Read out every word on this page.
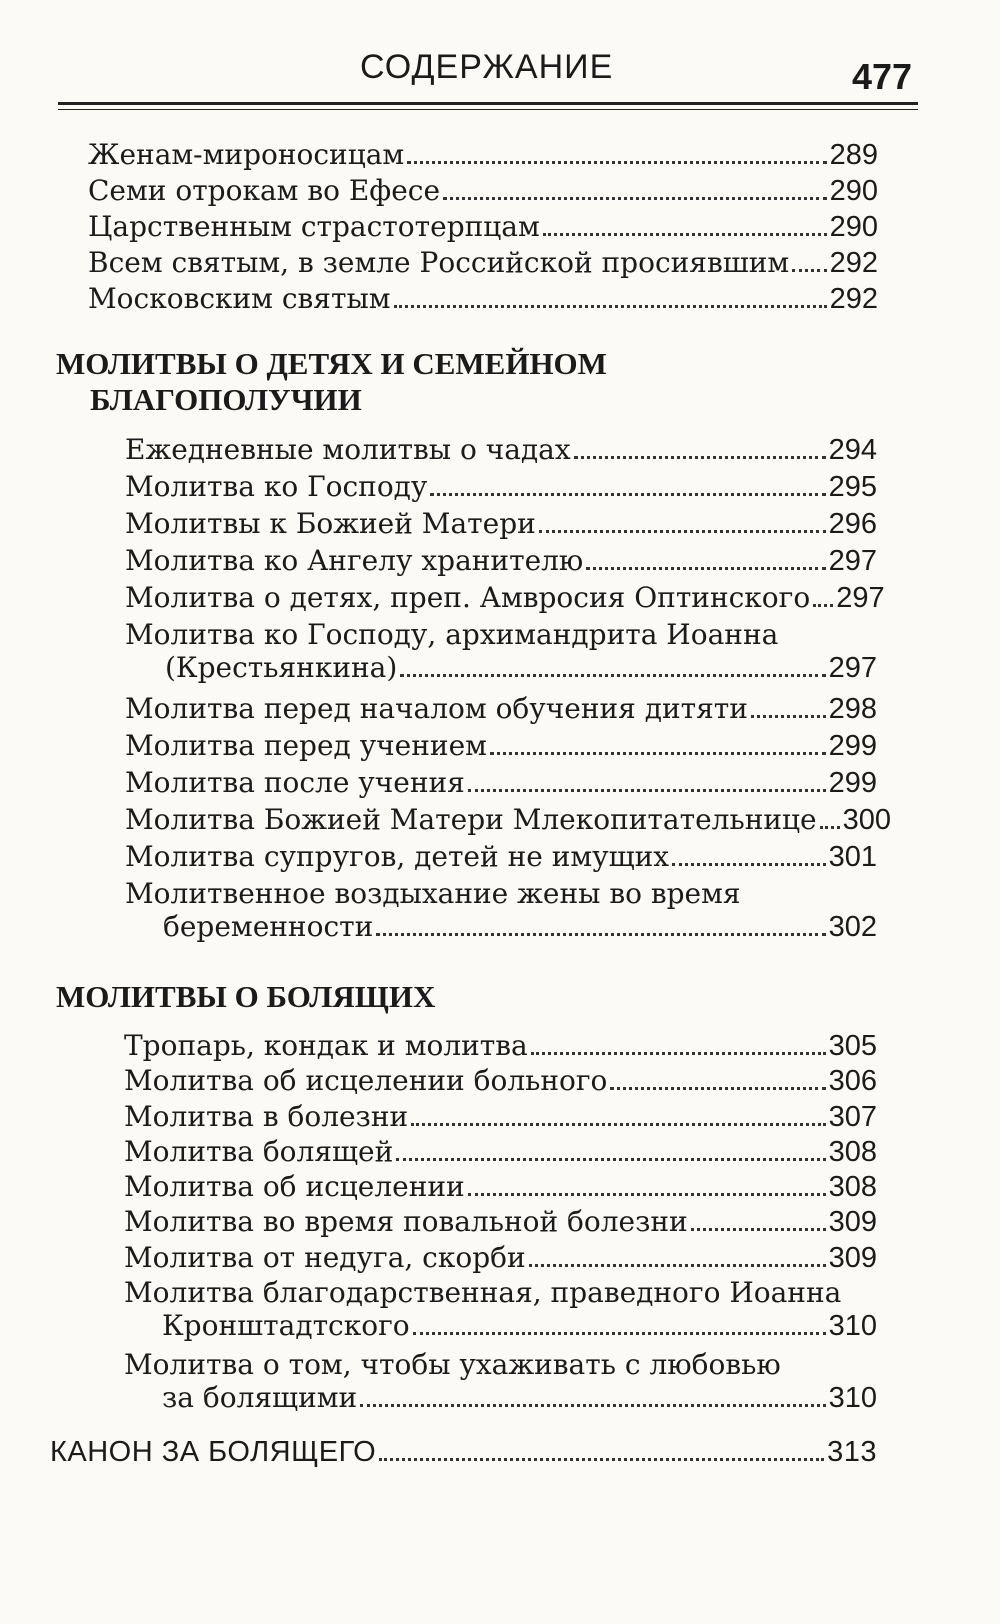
СОДЕРЖАНИЕ	477
Женам-мироносицам	289
Семи отрокам во Ефесе	290
Царственным страстотерпцам	290
Всем святым, в земле Российской просиявшим 292
Московским святым	292
МОЛИТВЫ О ДЕТЯХ И СЕМЕЙНОМ
БЛАГОПОЛУЧИИ
Ежедневные молитвы о чадах	294
Молитва ко Господу	295
Молитвы к Божией Матери	296
Молитва ко Ангелу хранителю	297
Молитва о детях, преп. Амвросия Оптинского 297
Молитва ко Господу, архимандрита Иоанна
(Крестьянкина)	297
Молитва перед началом обучения дитяти	298
Молитва перед учением	299
Молитва после учения	299
Молитва Божией Матери Млекопитательнице 300
Молитва супругов, детей не имущих	301
Молитвенное воздыхание жены во время
беременности	302
МОЛИТВЫ О БОЛЯЩИХ
Тропарь, кондак и молитва	305
Молитва об исцелении больного	306
Молитва в болезни	307
Молитва болящей	308
Молитва об исцелении	308
Молитва во время повальной болезни	309
Молитва от недуга, скорби	309
Молитва благодарственная, праведного Иоанна
Кронштадтского	310
Молитва о том, чтобы ухаживать с любовью
за болящими	310
КАНОН ЗА БОЛЯЩЕГО	313
